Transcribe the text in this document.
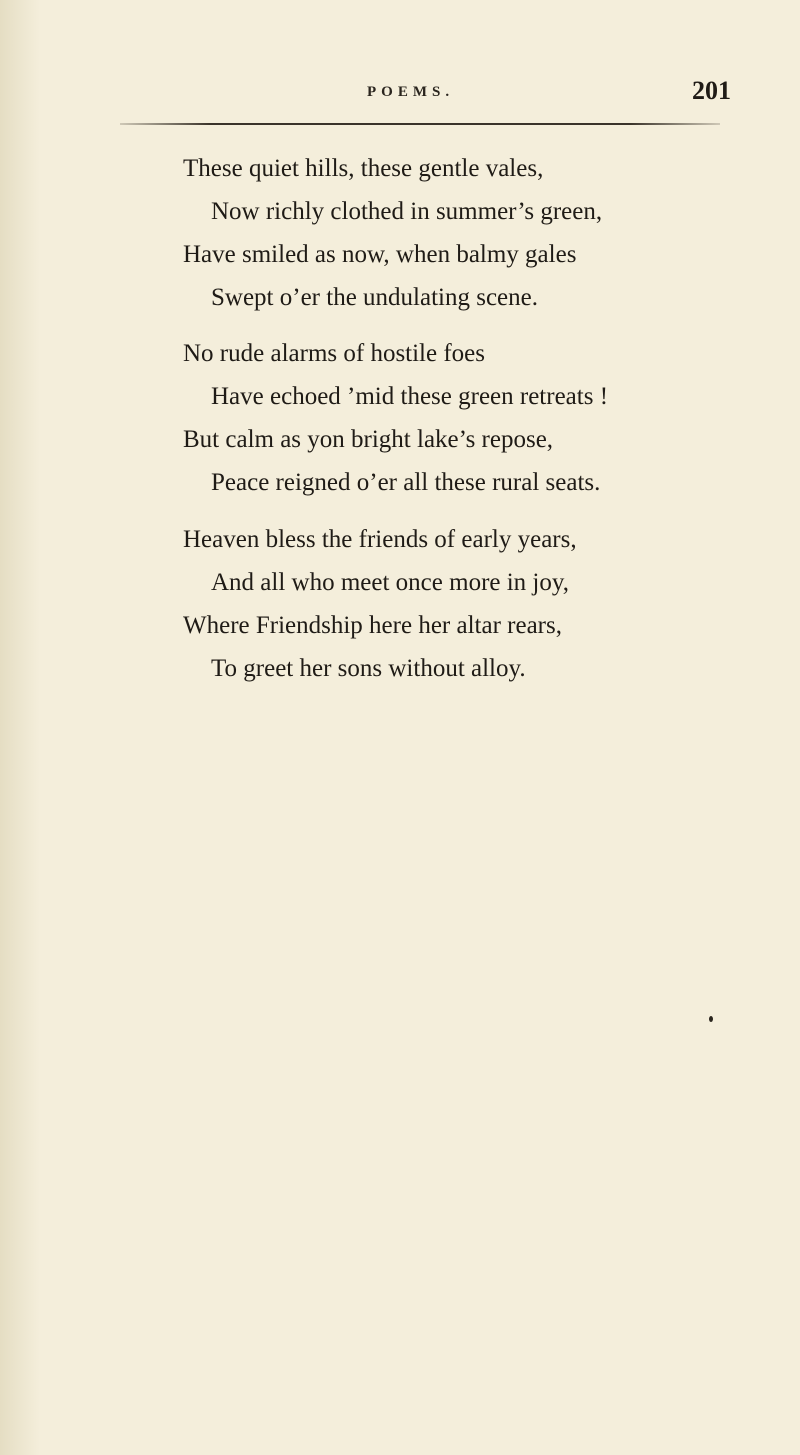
POEMS.	201
These quiet hills, these gentle vales,
Now richly clothed in summer’s green,
Have smiled as now, when balmy gales
Swept o’er the undulating scene.
No rude alarms of hostile foes
Have echoed ’mid these green retreats !
But calm as yon bright lake’s repose,
Peace reigned o’er all these rural seats.
Heaven bless the friends of early years,
And all who meet once more in joy,
Where Friendship here her altar rears,
To greet her sons without alloy.
